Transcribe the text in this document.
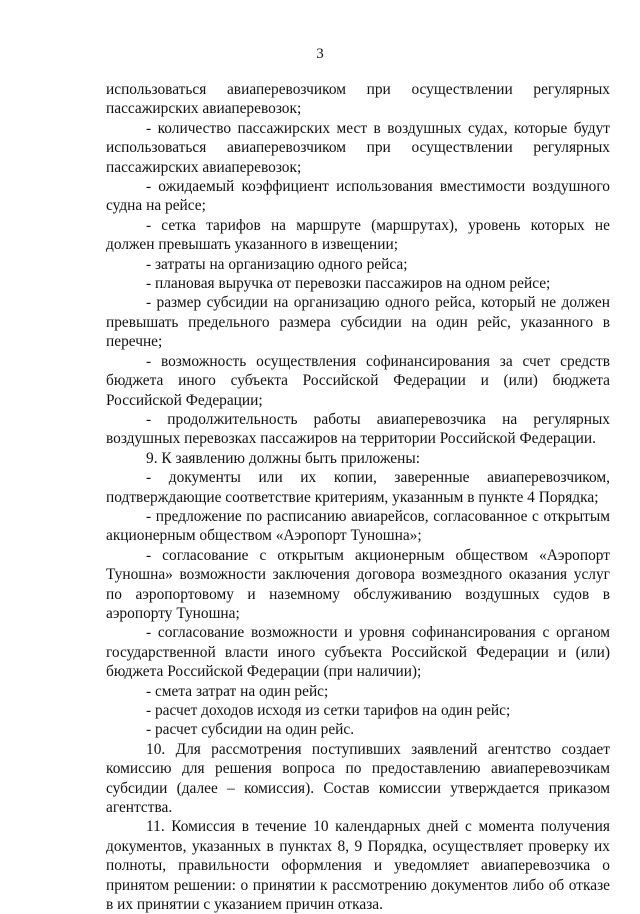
3

использоваться авиаперевозчиком при осуществлении регулярных пассажирских авиаперевозок;

- количество пассажирских мест в воздушных судах, которые будут использоваться авиаперевозчиком при осуществлении регулярных пассажирских авиаперевозок;

- ожидаемый коэффициент использования вместимости воздушного судна на рейсе;

- сетка тарифов на маршруте (маршрутах), уровень которых не должен превышать указанного в извещении;

- затраты на организацию одного рейса;

- плановая выручка от перевозки пассажиров на одном рейсе;

- размер субсидии на организацию одного рейса, который не должен превышать предельного размера субсидии на один рейс, указанного в перечне;

- возможность осуществления софинансирования за счет средств бюджета иного субъекта Российской Федерации и (или) бюджета Российской Федерации;

- продолжительность работы авиаперевозчика на регулярных воздушных перевозках пассажиров на территории Российской Федерации.

9. К заявлению должны быть приложены:

- документы или их копии, заверенные авиаперевозчиком, подтверждающие соответствие критериям, указанным в пункте 4 Порядка;

- предложение по расписанию авиарейсов, согласованное с открытым акционерным обществом «Аэропорт Туношна»;

- согласование с открытым акционерным обществом «Аэропорт Туношна» возможности заключения договора возмездного оказания услуг по аэропортовому и наземному обслуживанию воздушных судов в аэропорту Туношна;

- согласование возможности и уровня софинансирования с органом государственной власти иного субъекта Российской Федерации и (или) бюджета Российской Федерации (при наличии);

- смета затрат на один рейс;

- расчет доходов исходя из сетки тарифов на один рейс;

- расчет субсидии на один рейс.

10. Для рассмотрения поступивших заявлений агентство создает комиссию для решения вопроса по предоставлению авиаперевозчикам субсидии (далее – комиссия). Состав комиссии утверждается приказом агентства.

11. Комиссия в течение 10 календарных дней с момента получения документов, указанных в пунктах 8, 9 Порядка, осуществляет проверку их полноты, правильности оформления и уведомляет авиаперевозчика о принятом решении: о принятии к рассмотрению документов либо об отказе в их принятии с указанием причин отказа.
